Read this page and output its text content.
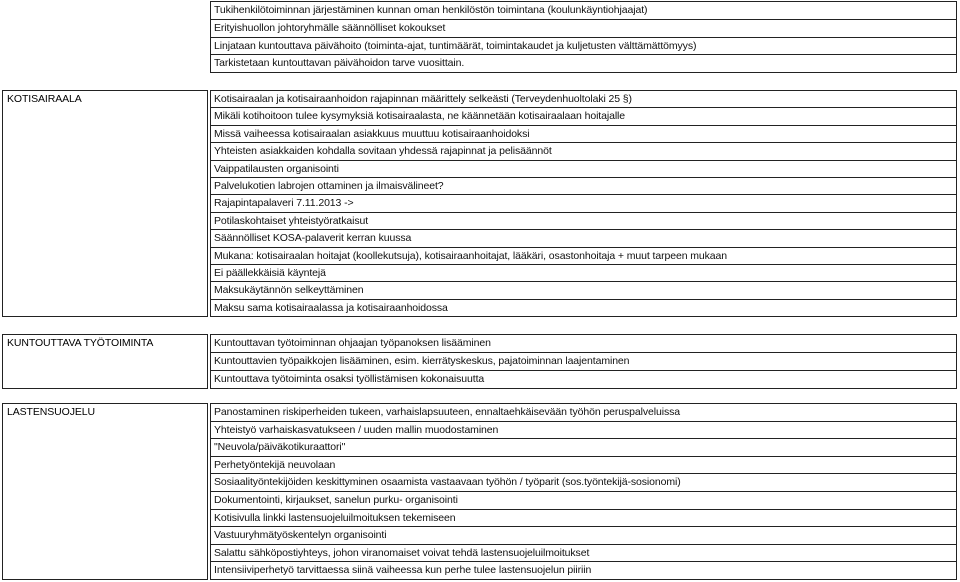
Tukihenkilötoiminnan järjestäminen kunnan oman henkilöstön toimintana (koulunkäyntiohjaajat)
Erityishuollon johtoryhmälle säännölliset kokoukset
Linjataan kuntouttava päivähoito (toiminta-ajat, tuntimäärät, toimintakaudet ja kuljetusten välttämättömyys)
Tarkistetaan kuntouttavan päivähoidon tarve vuosittain.
KOTISAIRAALA	Kotisairaalan ja kotisairaanhoidon rajapinnan määrittely selkeästi (Terveydenhuoltolaki 25 §)
Mikäli kotihoitoon tulee kysymyksiä kotisairaalasta, ne käännetään kotisairaalaan hoitajalle
Missä vaiheessa kotisairaalan asiakkuus muuttuu kotisairaanhoidoksi
Yhteisten asiakkaiden kohdalla sovitaan yhdessä rajapinnat ja pelisäännöt
Vaippatilausten organisointi
Palvelukotien labrojen ottaminen ja ilmaisvälineet?
Rajapintapalaveri 7.11.2013 ->
Potilaskohtaiset yhteistyöratkaisut
Säännölliset KOSA-palaverit kerran kuussa
Mukana: kotisairaalan hoitajat (koollekutsuja), kotisairaanhoitajat, lääkäri, osastonhoitaja + muut tarpeen mukaan
Ei päällekkäisiä käyntejä
Maksukäytännön selkeyttäminen
Maksu sama kotisairaalassa ja kotisairaanhoidossa
KUNTOUTTAVA TYÖTOIMINTA	Kuntouttavan työtoiminnan ohjaajan työpanoksen lisääminen
Kuntouttavien työpaikkojen lisääminen, esim. kierrätyskeskus, pajatoiminnan laajentaminen
Kuntouttava työtoiminta osaksi työllistämisen kokonaisuutta
LASTENSUOJELU	Panostaminen riskiperheiden tukeen, varhaislapsuuteen, ennaltaehkäisevään työhön peruspalveluissa
Yhteistyö varhaiskasvatukseen / uuden mallin muodostaminen
"Neuvola/päiväkotikuraattori"
Perhetyöntekijä neuvolaan
Sosiaalityöntekijöiden keskittyminen osaamista vastaavaan työhön / työparit (sos.työntekijä-sosionomi)
Dokumentointi, kirjaukset, sanelun purku- organisointi
Kotisivulla linkki lastensuojeluilmoituksen tekemiseen
Vastuuryhmätyöskentelyn organisointi
Salattu sähköpostiyhteys, johon viranomaiset voivat tehdä lastensuojeluilmoitukset
Intensiiviperhetyö tarvittaessa siinä vaiheessa kun perhe tulee lastensuojelun piiriin
